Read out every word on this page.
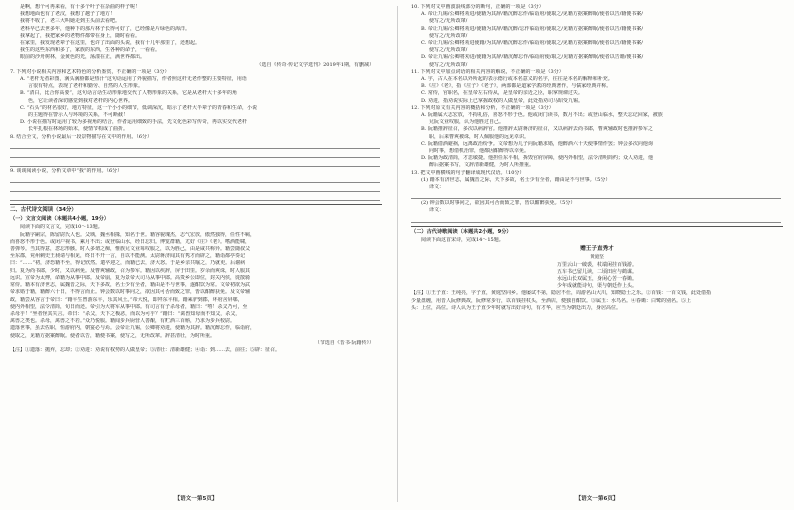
是啊，想个可再来看，有十多个叶子在杂曲的样子呢！
我想地面也有了老汉，我想了越子了地方！
我将不收了，老三大叫她走到主头前去看吧。
老科早已去世多年，他种下的那片林子长得可好了，已经像是片绿色的海洋。
我拿起了，我把家乡的老物件都带在身上，随时看看。
在家里，我发现老辈子在这里，也许了出面的头说，我有十几年那里了，还想起。
我生的这些东西和多了，家族的东西，生各种的命子，一看看。
眼前的沙舟树林，金黄色的光，荡漾在正，满世界都出。
（选自《传奇·传记文学选刊》2019年1期，有删减）
7. 下列对小说相关内容和艺术特色的分析鉴赏，不正确的一项是（3分）
A. “老杆无者彩图，满头满脸都是热汗”这句话运用了外貌描写，作者照这杆无老作整的主要特征，用语
言很有特点，表现了老杆和勤劳、自然的人生形象。
B. “清白，比合你高要”，这句话言话生动形象地交代了人物形象的关系，它是从老杆大十多年的角
色，它让读者深切感觉到我对老杆的内心世界。
C. “石头”的材名很好，地方特征，这一个小小的细节，低调深沉，暗示了老杆大半辈子的青春和生命，小说
的主题得在警示人与环境的关系，不可断截！
D. 小说在描写时运用了较为多视角的结合，作者运用细致的手法，先文化色彩写传奇，再以实交代老杆
长年扎根在林场的始末，使情节构成了曲折。
8. 结合全文，分析小说最后一段景物描写在文中的作用。（6分）
9. 谈谈阅读小说，分析文章中“我”的作用。（6分）
二、古代诗文阅读（34分）
（一）文言文阅读（本题共4小题，19分）
阅读下面的文言文，完成10～13题。
阮籍字嗣宗，陈留尉氏人也。父瑀，魏丞相掾，知名于世。籍容貌瑰杰，志气宏放，傲然独得，任性不羁，
而喜怒不形于色。或闭户视书，累月不出；或登临山水，经日忘归。博览群籍，尤好《庄》《老》。嗜酒能啸，
善弹琴。当其得意，忽忘形骸。时人多谓之痴，惟族兄文业每叹服之，以为胜己，由是咸共称异。籍尝随叔父
至东郡，兖州刺史王昶请与相见，终日不开一言，自以不能测。太尉蒋济闻其有隽才而辟之，籍诣都亭奏记
曰：“……”初，济恐籍不至，得记欣然。遣卒迎之，而籍已去，济大怒。于是乡亲共喻之，乃就吏。后谢病
归。复为尚书郎，少时，又以病免。及曹爽辅政，召为参军。籍因以疾辞，屏于田里。岁余而爽诛，时人服其
远识。宣帝为太傅，命籍为从事中郎。及帝崩，复为景帝大司马从事中郎。高贵乡公即位，封关内侯，徙散骑
常侍。籍本有济世志，属魏晋之际，天下多故，名士少有全者，籍由是不与世事，遂酣饮为常。文帝初欲为武
帝求婚于籍，籍醉六十日，不得言而止。钟会数以时事问之，欲因其可否而致之罪，皆以酣醉获免。及文帝辅
政，籍尝从容言于帝曰：“籍平生曾游东平，乐其风土。”帝大悦，即拜东平相。籍乘驴到郡，坏府舍屏鄣，
使内外相望，法令清简，旬日而还。帝引为大将军从事中郎。有司言有子杀母者，籍曰：“嘻！杀父乃可，至
杀母乎！”坐者怪其失言。帝曰：“杀父，天下之极恶，而以为可乎？”籍曰：“禽兽知母而不知父，杀父，
禽兽之类也。杀母，禽兽之不若。”众乃悦服。籍闻步兵厨营人善酿，有贮酒三百斛，乃求为步兵校尉。
遗落世事，虽去佐职，恒游府内，朝宴必与焉。会帝让九锡，公卿将劝进，使籍为其辞。籍沉醉忘作，临诣府，
使取之，见籍方据案醉眠。使者以告，籍便书案，使写之，无所改窜。辞甚清壮，为时所重。
（节选自《晋书·阮籍传》）
【注】①遗落：抛弃，忘却；②劝进：劝说有权势的人做皇帝；③清壮：清新雄健；④诣：到……去，前往；⑤辟：征召。
【语文一第5页】
10. 下列对文中画波浪线部分的断句，正确的一项是（3分）
A. 帝让九锡/公卿将劝进/使籍为其辞/籍沉醉忘作/临诣府/使取之/见籍方据案醉眠/使者以告/籍便书案/
使写之/无所改窜/
B. 帝让九锡/公卿将劝进/使籍为其辞/籍沉醉/忘作临诣府/使取之/见籍方据案醉眠/使者以告/籍便书案/
使写之/无所改窜/
C. 帝让九锡/公卿将劝进使籍/为其辞/籍沉醉忘作/临诣府/使取之/见籍方据案醉眠/使者以告/籍便书案/
使写之/无所改窜/
D. 帝让九锡/公卿将劝进/使籍为其辞/籍沉醉忘作/临诣府使/取之/见籍方据案醉眠/使者以告籍/便书案/
使写之/无所改窜/
11. 下列对文中加点词语的相关内容的解说，不正确的一项是（3分）
A. 字，古人在本名以外所起的表示德行或本名意义的名字，往往是本名的解释和补充。
B.《庄》《老》，指《庄子》《老子》，两部都是道家学派的经典著作，与儒家经典并称。
C. 常侍，官职名，在皇帝左右侍从，是皇帝的亲近之臣，职掌规谏过失。
D. 劝进，指劝说实际上已掌握政权的人做皇帝，此处指劝司马昭受九锡。
12. 下列对原文有关内容的概括和分析，不正确的一项是（3分）
A. 阮籍属大志宏放，不拘礼俗，喜怒不形于色。他或闭门读书，数月不出；或登山临水，整天忘记回家，被族
兄阮文业叹服，认为他胜过自己。
B. 阮籍推辞征召，多次以病辞官。他推辞太尉蒋济的征召，又以病辞去尚书郎，曹爽辅政时也推辞参军之
职，后来曹爽被诛，时人佩服他的远见卓识。
C. 阮籍借酒避祸，远离政治纷争。文帝想为儿子向阮籍求婚，他醉酒六十天使事情作罢；钟会多次向他询
问时事，想借机治罪，他都因酣醉得以幸免。
D. 阮籍为政清简，才思敏捷。他担任东平相，拆毁官府屏障，使内外相望，法令清明简约；众人劝进，他
醉后据案书写，文辞清新雄健，为时人所推重。
13. 把文中画横线的句子翻译成现代汉语。（10分）
(1) 籍本有济世志，属魏晋之际，天下多故，名士少有全者，籍由是不与世事。（5分）
译文：
(2) 钟会数以时事问之，欲因其可否而致之罪，皆以酣醉获免。（5分）
译文：
（二）古代诗歌阅读（本题共2小题，9分）
阅读下面这首宋诗，完成14～15题。
赠王子直秀才
黄庭坚
万里云山一破裘，杖端闲挂百钱游。
五车书已留儿读，二顷田应与鹤谋。
水远山长双属玉，身闲心苦一春锄。
少年成就能诗句，渠与朝廷作上头。
【注】①王子直：王纯亮，字子直，黄庭坚同乡。他屡试不第，隐居不仕，周游名山大川，知晓隐士之乐。②百钱：一百文钱，此处借指
少量盘缠，用晋人阮修典故，阮修常步行，以百钱挂杖头，至酒店，便独自酣饮。③属玉：水鸟名。④春锄：白鹭的别名。⑤上
头：上位，高位。诗人认为王子直少年时就写出好诗句，有才华，应当为朝廷出力，身居高位。
【语文一第6页】
